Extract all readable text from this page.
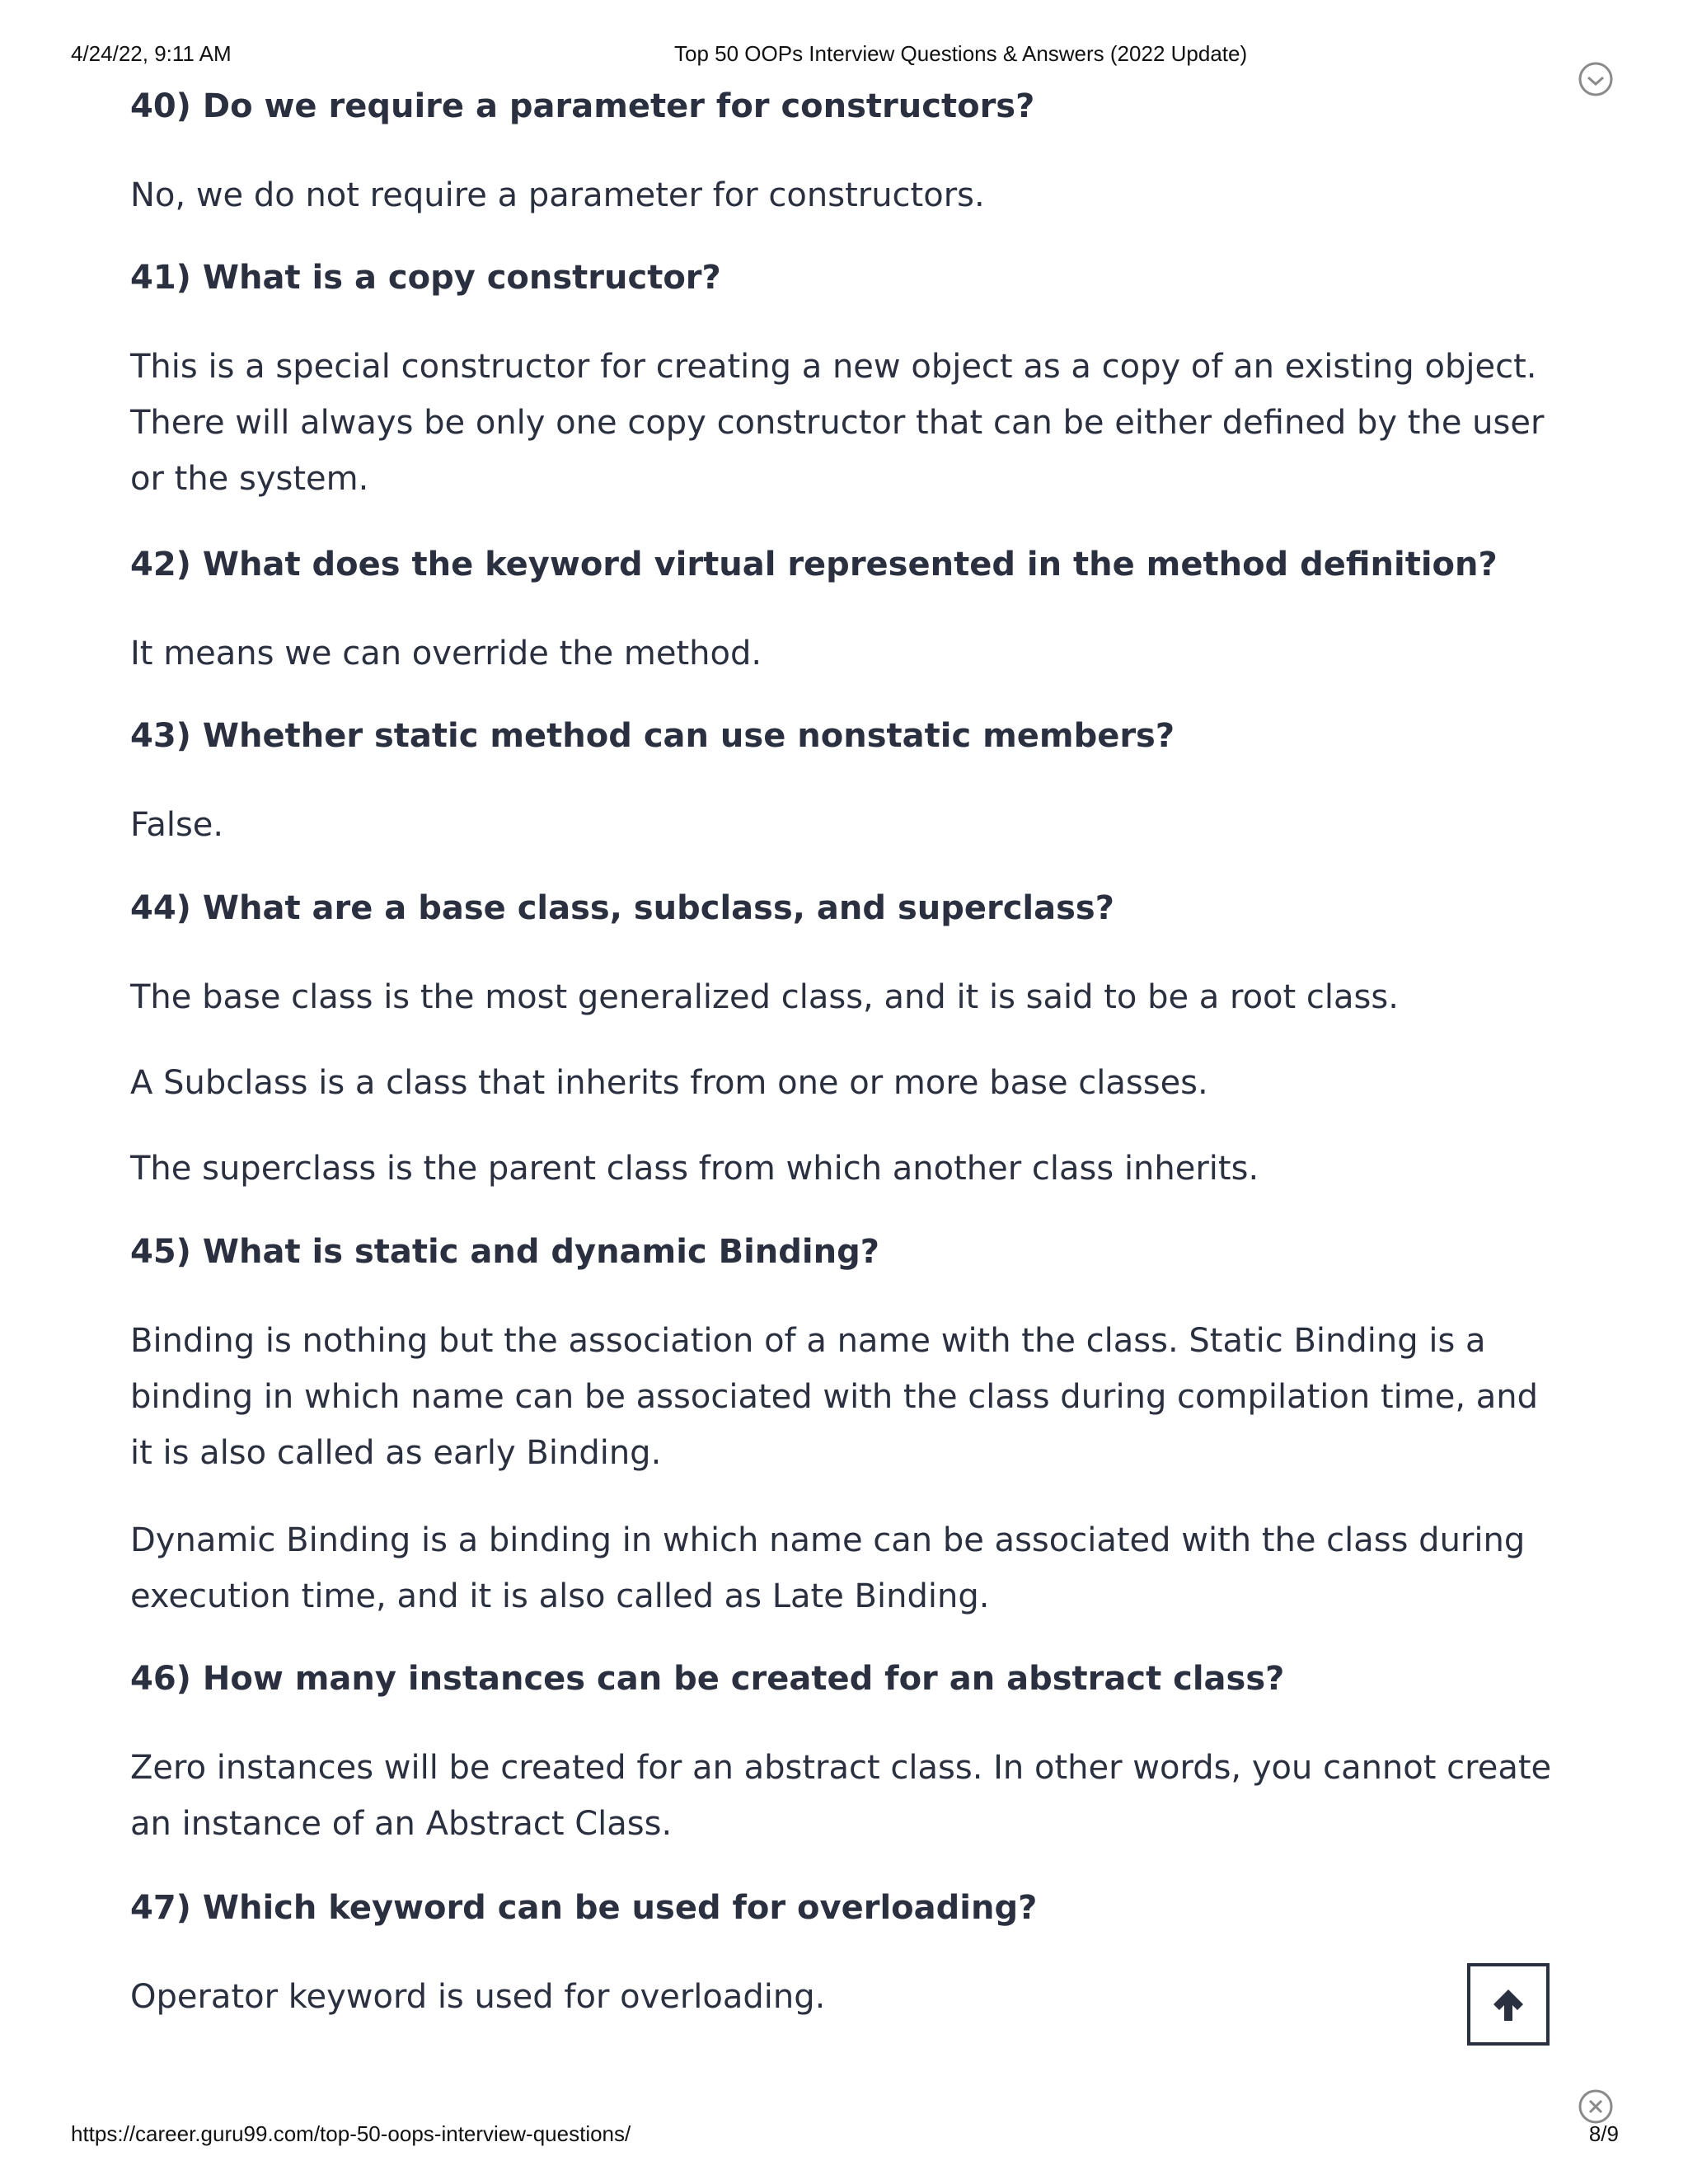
4/24/22, 9:11 AM	Top 50 OOPs Interview Questions & Answers (2022 Update)
40) Do we require a parameter for constructors?
No, we do not require a parameter for constructors.
41) What is a copy constructor?
This is a special constructor for creating a new object as a copy of an existing object. There will always be only one copy constructor that can be either defined by the user or the system.
42) What does the keyword virtual represented in the method definition?
It means we can override the method.
43) Whether static method can use nonstatic members?
False.
44) What are a base class, subclass, and superclass?
The base class is the most generalized class, and it is said to be a root class.
A Subclass is a class that inherits from one or more base classes.
The superclass is the parent class from which another class inherits.
45) What is static and dynamic Binding?
Binding is nothing but the association of a name with the class. Static Binding is a binding in which name can be associated with the class during compilation time, and it is also called as early Binding.
Dynamic Binding is a binding in which name can be associated with the class during execution time, and it is also called as Late Binding.
46) How many instances can be created for an abstract class?
Zero instances will be created for an abstract class. In other words, you cannot create an instance of an Abstract Class.
47) Which keyword can be used for overloading?
Operator keyword is used for overloading.
https://career.guru99.com/top-50-oops-interview-questions/	8/9
